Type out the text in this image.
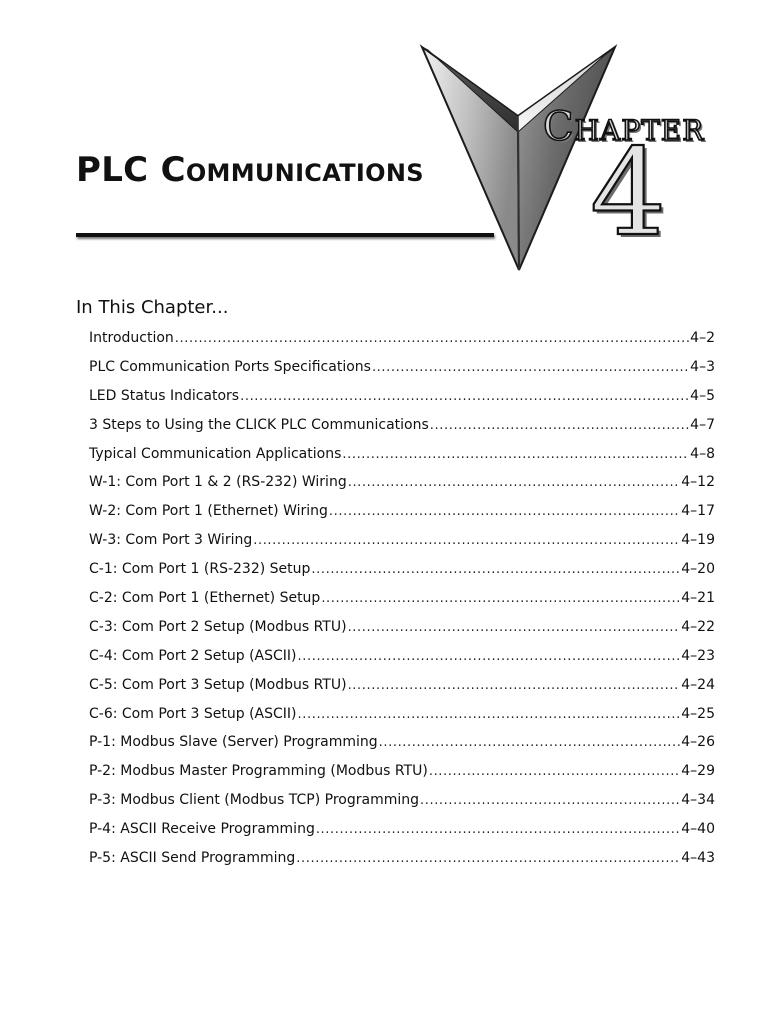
PLC Communications
Chapter
4
In This Chapter...
Introduction .....	4–2
PLC Communication Ports Specifications .....	4–3
LED Status Indicators .....	4–5
3 Steps to Using the CLICK PLC Communications .....	4–7
Typical Communication Applications .....	4–8
W-1: Com Port 1 & 2 (RS-232) Wiring .....	4–12
W-2: Com Port 1 (Ethernet) Wiring .....	4–17
W-3: Com Port 3 Wiring .....	4–19
C-1: Com Port 1 (RS-232) Setup .....	4–20
C-2: Com Port 1 (Ethernet) Setup .....	4–21
C-3: Com Port 2 Setup (Modbus RTU) .....	4–22
C-4: Com Port 2 Setup (ASCII) .....	4–23
C-5: Com Port 3 Setup (Modbus RTU) .....	4–24
C-6: Com Port 3 Setup (ASCII) .....	4–25
P-1: Modbus Slave (Server) Programming .....	4–26
P-2: Modbus Master Programming (Modbus RTU) .....	4–29
P-3: Modbus Client (Modbus TCP) Programming .....	4–34
P-4: ASCII Receive Programming .....	4–40
P-5: ASCII Send Programming .....	4–43
